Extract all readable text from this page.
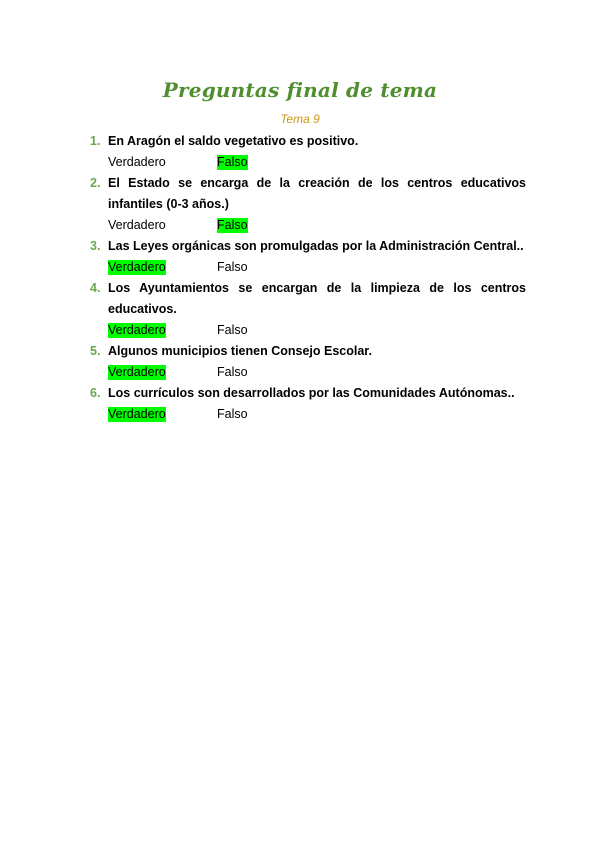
Preguntas final de tema
Tema 9
1. En Aragón el saldo vegetativo es positivo.
Verdadero	Falso
2. El Estado se encarga de la creación de los centros educativos infantiles (0-3 años.)
Verdadero	Falso
3. Las Leyes orgánicas son promulgadas por la Administración Central..
Verdadero	Falso
4. Los Ayuntamientos se encargan de la limpieza de los centros educativos.
Verdadero	Falso
5. Algunos municipios tienen Consejo Escolar.
Verdadero	Falso
6. Los currículos son desarrollados por las Comunidades Autónomas..
Verdadero	Falso
